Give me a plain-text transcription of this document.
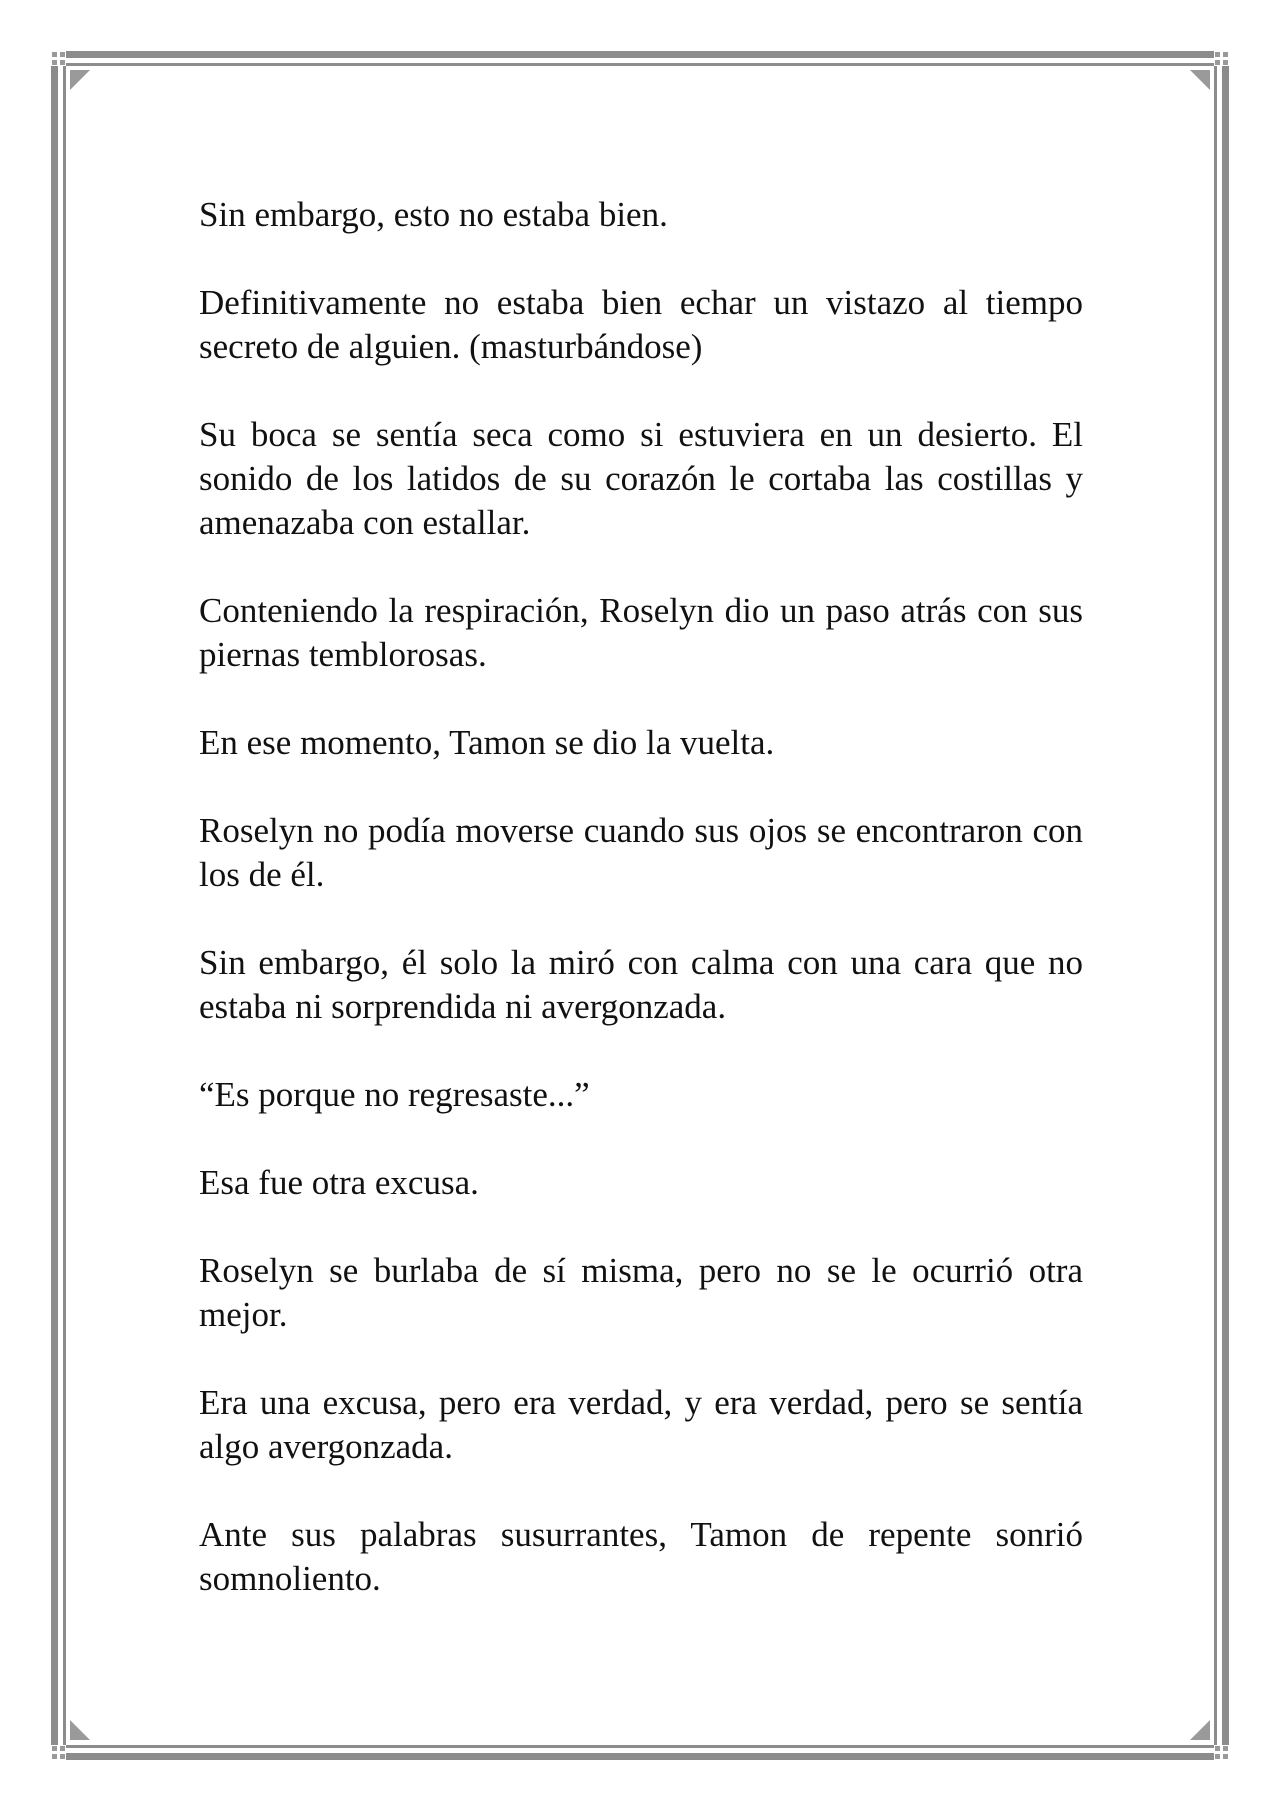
Sin embargo, esto no estaba bien.

Definitivamente no estaba bien echar un vistazo al tiempo secreto de alguien. (masturbándose)

Su boca se sentía seca como si estuviera en un desierto. El sonido de los latidos de su corazón le cortaba las costillas y amenazaba con estallar.

Conteniendo la respiración, Roselyn dio un paso atrás con sus piernas temblorosas.

En ese momento, Tamon se dio la vuelta.

Roselyn no podía moverse cuando sus ojos se encontraron con los de él.

Sin embargo, él solo la miró con calma con una cara que no estaba ni sorprendida ni avergonzada.

“Es porque no regresaste...”

Esa fue otra excusa.

Roselyn se burlaba de sí misma, pero no se le ocurrió otra mejor.

Era una excusa, pero era verdad, y era verdad, pero se sentía algo avergonzada.

Ante sus palabras susurrantes, Tamon de repente sonrió somnoliento.
